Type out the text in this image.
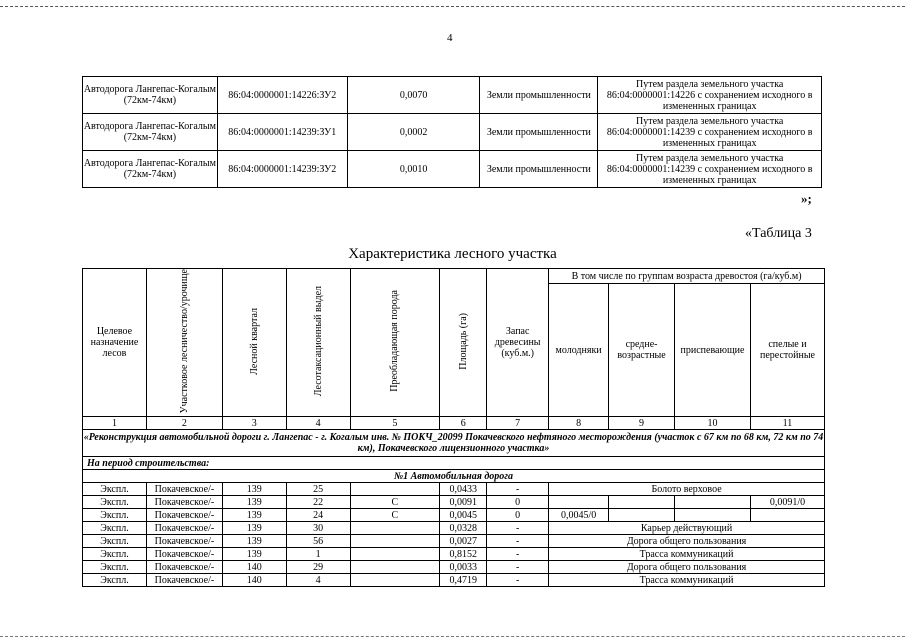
4
Автодорога Лангепас-Когалым (72км-74км)	86:04:0000001:14226:ЗУ2	0,0070	Земли промышленности	Путем раздела земельного участка 86:04:0000001:14226 с сохранением исходного в измененных границах
Автодорога Лангепас-Когалым (72км-74км)	86:04:0000001:14239:ЗУ1	0,0002	Земли промышленности	Путем раздела земельного участка 86:04:0000001:14239 с сохранением исходного в измененных границах
Автодорога Лангепас-Когалым (72км-74км)	86:04:0000001:14239:ЗУ2	0,0010	Земли промышленности	Путем раздела земельного участка 86:04:0000001:14239 с сохранением исходного в измененных границах
»;
«Таблица 3
Характеристика лесного участка
Целевое назначение лесов	Участковое лесничество/урочище	Лесной квартал	Лесотаксационный выдел	Преобладающая порода	Площадь (га)	Запас древесины (куб.м.)	В том числе по группам возраста древостоя (га/куб.м)			
							молодняки	средне-возрастные	приспевающие	спелые и перестойные
1	2	3	4	5	6	7	8	9	10	11
«Реконструкция автомобильной дороги г. Лангепас - г. Когалым инв. № ПОКЧ_20099 Покачевского нефтяного месторождения (участок с 67 км по 68 км, 72 км по 74 км), Покачевского лицензионного участка»										
На период строительства:										
№1 Автомобильная дорога										
Экспл.	Покачевское/-	139	25		0,0433	-	Болото верховое			
Экспл.	Покачевское/-	139	22	С	0,0091	0				0,0091/0
Экспл.	Покачевское/-	139	24	С	0,0045	0	0,0045/0			
Экспл.	Покачевское/-	139	30		0,0328	-	Карьер действующий			
Экспл.	Покачевское/-	139	56		0,0027	-	Дорога общего пользования			
Экспл.	Покачевское/-	139	1		0,8152	-	Трасса коммуникаций			
Экспл.	Покачевское/-	140	29		0,0033	-	Дорога общего пользования			
Экспл.	Покачевское/-	140	4		0,4719	-	Трасса коммуникаций			
